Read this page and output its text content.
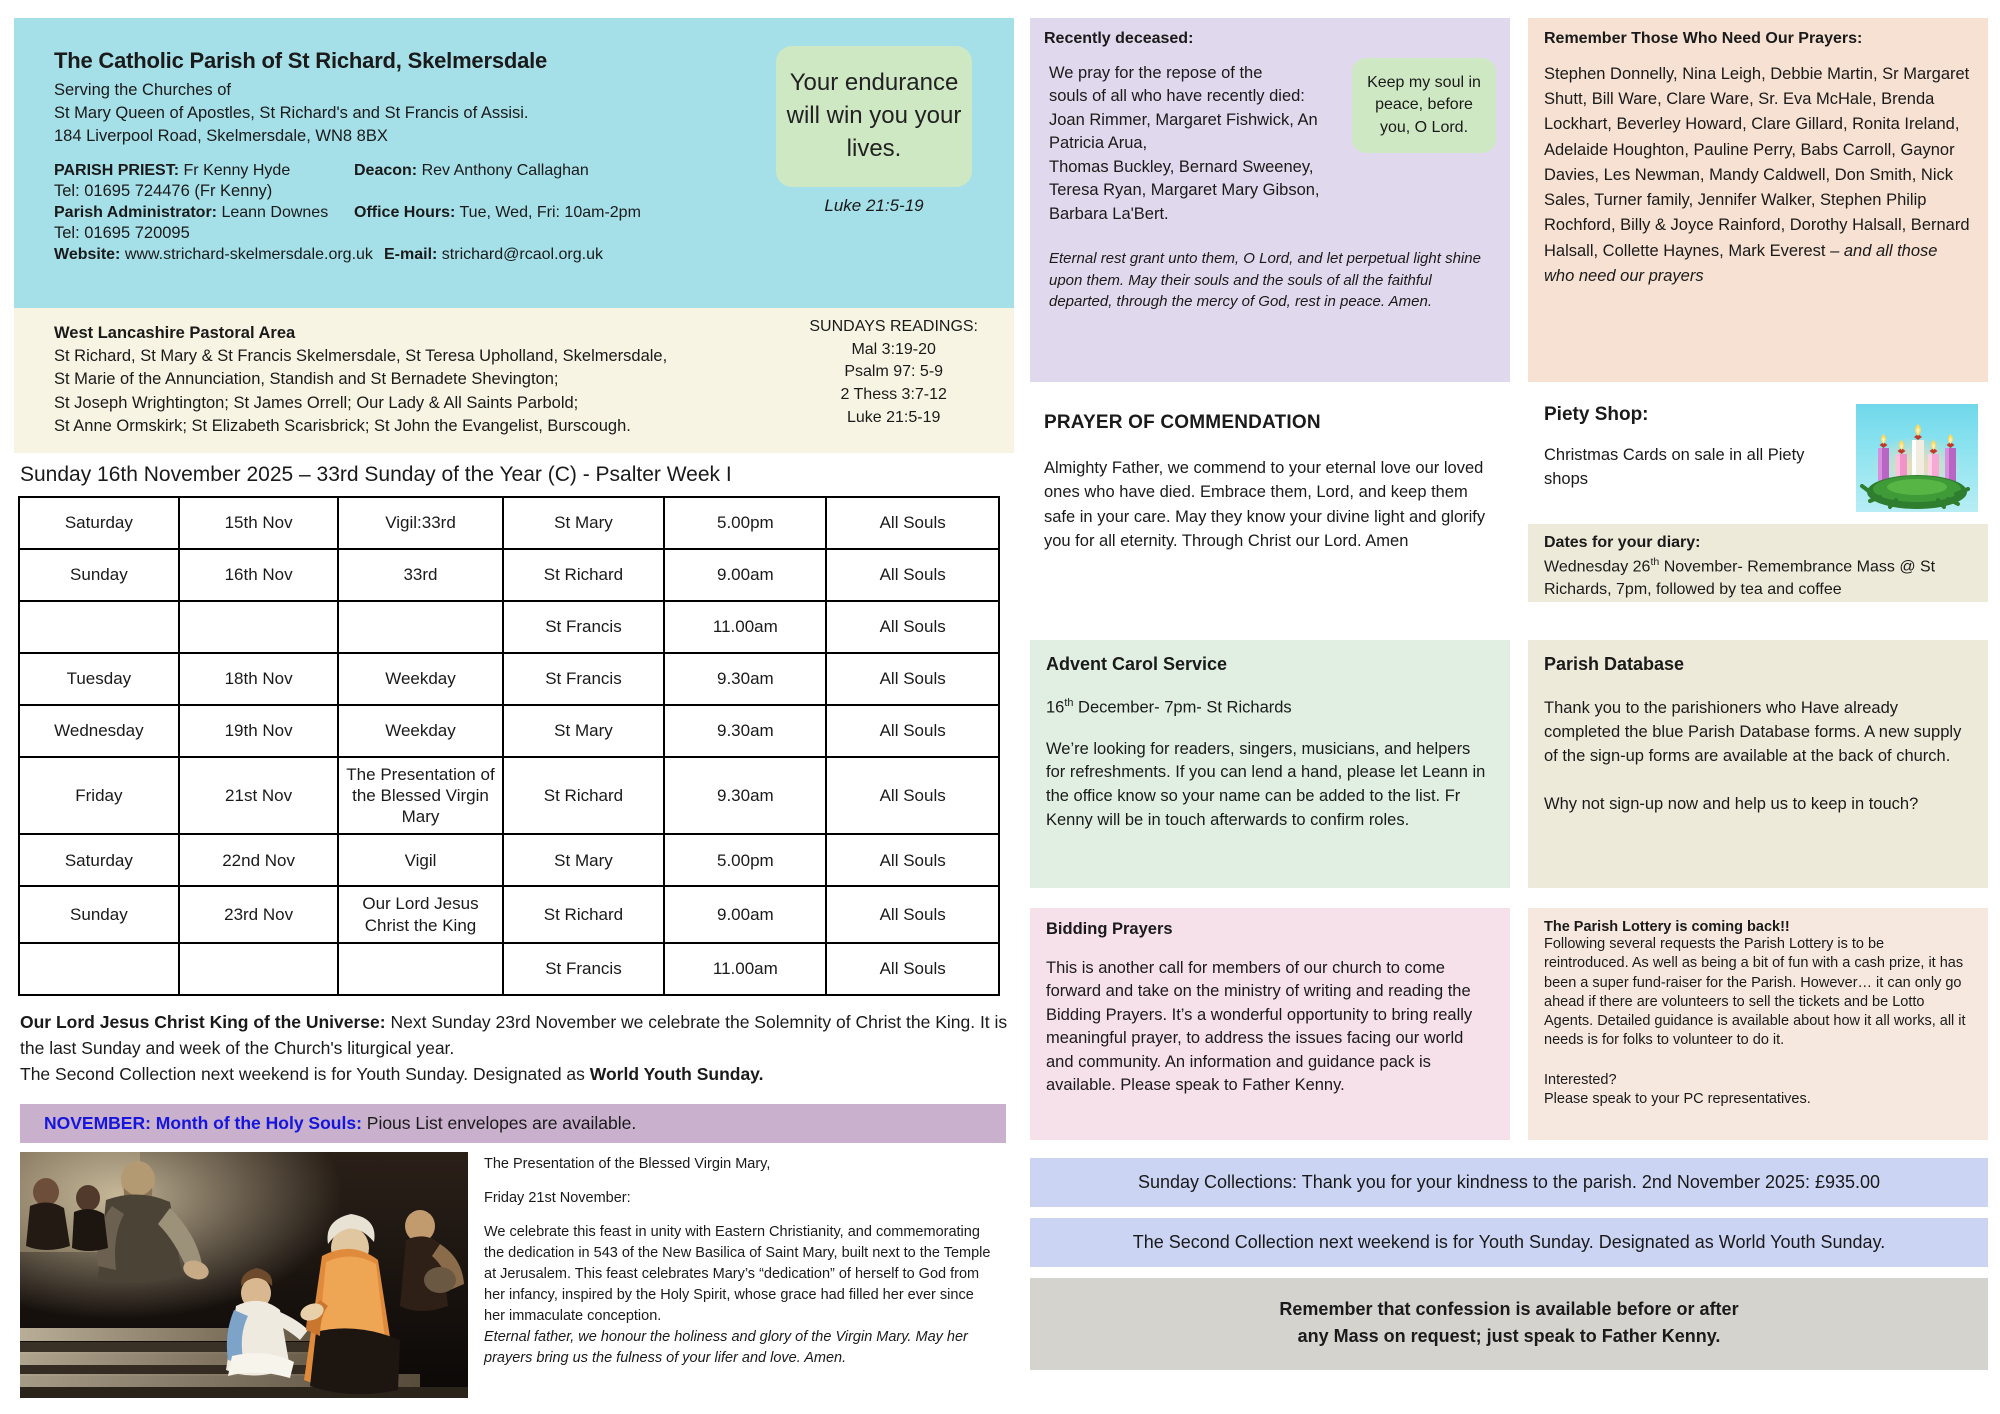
The Catholic Parish of St Richard, Skelmersdale
Serving the Churches of
St Mary Queen of Apostles, St Richard's and St Francis of Assisi.
184 Liverpool Road, Skelmersdale, WN8 8BX
PARISH PRIEST: Fr Kenny Hyde	Deacon: Rev Anthony Callaghan
Tel: 01695 724476 (Fr Kenny)
Parish Administrator: Leann Downes	Office Hours: Tue, Wed, Fri: 10am-2pm
Tel: 01695 720095
Website: www.strichard-skelmersdale.org.uk E-mail: strichard@rcaol.org.uk
Your endurance will win you your lives.
Luke 21:5-19
West Lancashire Pastoral Area
St Richard, St Mary & St Francis Skelmersdale, St Teresa Upholland, Skelmersdale,
St Marie of the Annunciation, Standish and St Bernadete Shevington;
St Joseph Wrightington; St James Orrell; Our Lady & All Saints Parbold;
St Anne Ormskirk; St Elizabeth Scarisbrick; St John the Evangelist, Burscough.
SUNDAYS READINGS:
Mal 3:19-20
Psalm 97: 5-9
2 Thess 3:7-12
Luke 21:5-19
Sunday 16th November 2025 – 33rd Sunday of the Year (C) - Psalter Week I
Saturday	15th Nov	Vigil:33rd	St Mary	5.00pm	All Souls
Sunday	16th Nov	33rd	St Richard	9.00am	All Souls
			St Francis	11.00am	All Souls
Tuesday	18th Nov	Weekday	St Francis	9.30am	All Souls
Wednesday	19th Nov	Weekday	St Mary	9.30am	All Souls
Friday	21st Nov	The Presentation of the Blessed Virgin Mary	St Richard	9.30am	All Souls
Saturday	22nd Nov	Vigil	St Mary	5.00pm	All Souls
Sunday	23rd Nov	Our Lord Jesus Christ the King	St Richard	9.00am	All Souls
			St Francis	11.00am	All Souls
Our Lord Jesus Christ King of the Universe: Next Sunday 23rd November we celebrate the Solemnity of Christ the King. It is the last Sunday and week of the Church's liturgical year.
The Second Collection next weekend is for Youth Sunday. Designated as World Youth Sunday.
NOVEMBER: Month of the Holy Souls: Pious List envelopes are available.

The Presentation of the Blessed Virgin Mary,

Friday 21st November:

We celebrate this feast in unity with Eastern Christianity, and commemorating the dedication in 543 of the New Basilica of Saint Mary, built next to the Temple at Jerusalem. This feast celebrates Mary’s “dedication” of herself to God from her infancy, inspired by the Holy Spirit, whose grace had filled her ever since her immaculate conception.

Eternal father, we honour the holiness and glory of the Virgin Mary. May her prayers bring us the fulness of your lifer and love. Amen.

Recently deceased:
We pray for the repose of the
souls of all who have recently died:
Joan Rimmer, Margaret Fishwick, An
Patricia Arua,
Thomas Buckley, Bernard Sweeney,
Teresa Ryan, Margaret Mary Gibson,
Barbara La'Bert.
Eternal rest grant unto them, O Lord, and let perpetual light shine upon them. May their souls and the souls of all the faithful departed, through the mercy of God, rest in peace. Amen.
Keep my soul in peace, before you, O Lord.
Remember Those Who Need Our Prayers:
Stephen Donnelly, Nina Leigh, Debbie Martin, Sr Margaret Shutt, Bill Ware, Clare Ware, Sr. Eva McHale, Brenda Lockhart, Beverley Howard, Clare Gillard, Ronita Ireland, Adelaide Houghton, Pauline Perry, Babs Carroll, Gaynor Davies, Les Newman, Mandy Caldwell, Don Smith, Nick Sales, Turner family, Jennifer Walker, Stephen Philip Rochford, Billy & Joyce Rainford, Dorothy Halsall, Bernard Halsall, Collette Haynes, Mark Everest – and all those who need our prayers
PRAYER OF COMMENDATION
Almighty Father, we commend to your eternal love our loved ones who have died. Embrace them, Lord, and keep them safe in your care. May they know your divine light and glorify you for all eternity. Through Christ our Lord. Amen
Piety Shop:
Christmas Cards on sale in all Piety shops
Dates for your diary:
Wednesday 26th November- Remembrance Mass @ St Richards, 7pm, followed by tea and coffee
Advent Carol Service
16th December- 7pm- St Richards
We’re looking for readers, singers, musicians, and helpers for refreshments. If you can lend a hand, please let Leann in the office know so your name can be added to the list. Fr Kenny will be in touch afterwards to confirm roles.
Parish Database
Thank you to the parishioners who Have already completed the blue Parish Database forms. A new supply of the sign-up forms are available at the back of church.
Why not sign-up now and help us to keep in touch?
Bidding Prayers
This is another call for members of our church to come forward and take on the ministry of writing and reading the Bidding Prayers. It’s a wonderful opportunity to bring really meaningful prayer, to address the issues facing our world and community. An information and guidance pack is available. Please speak to Father Kenny.
The Parish Lottery is coming back!!
Following several requests the Parish Lottery is to be reintroduced. As well as being a bit of fun with a cash prize, it has been a super fund-raiser for the Parish. However… it can only go ahead if there are volunteers to sell the tickets and be Lotto Agents. Detailed guidance is available about how it all works, all it needs is for folks to volunteer to do it.
Interested?
Please speak to your PC representatives.
Sunday Collections: Thank you for your kindness to the parish. 2nd November 2025: £935.00
The Second Collection next weekend is for Youth Sunday. Designated as World Youth Sunday.
Remember that confession is available before or after
any Mass on request; just speak to Father Kenny.
